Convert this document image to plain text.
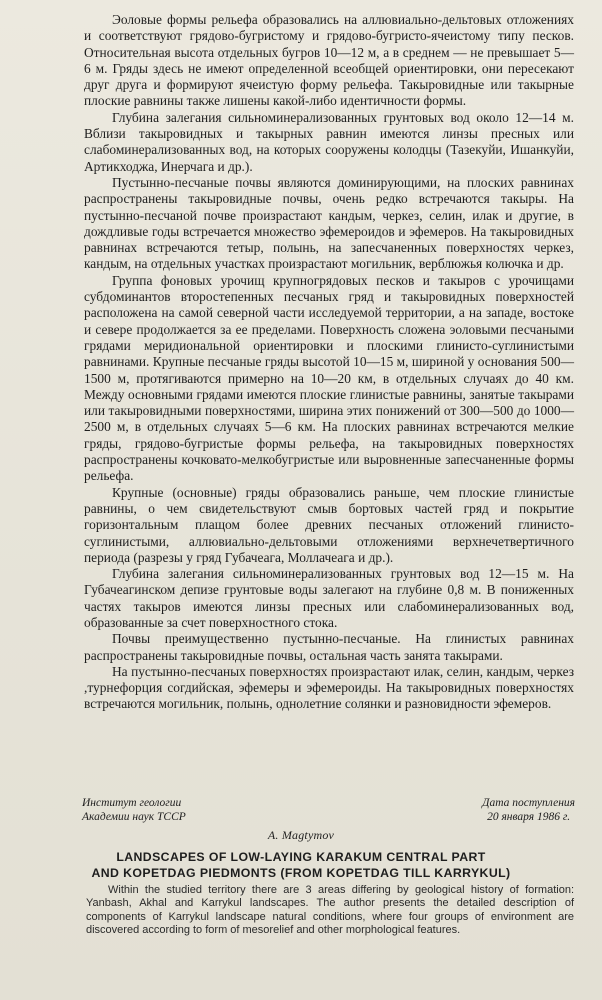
Эоловые формы рельефа образовались на аллювиально-дельтовых отложениях и соответствуют грядово-бугристому и грядово-бугристо-ячеистому типу песков. Относительная высота отдельных бугров 10—12 м, а в среднем — не превышает 5—6 м. Гряды здесь не имеют определенной всеобщей ориентировки, они пересекают друг друга и формируют ячеистую форму рельефа. Такыровидные или такырные плоские равнины также лишены какой-либо идентичности формы.

Глубина залегания сильноминерализованных грунтовых вод около 12—14 м. Вблизи такыровидных и такырных равнин имеются линзы пресных или слабоминерализованных вод, на которых сооружены колодцы (Тазекуйи, Ишанкуйи, Артикходжа, Инерчага и др.).

Пустынно-песчаные почвы являются доминирующими, на плоских равнинах распространены такыровидные почвы, очень редко встречаются такыры. На пустынно-песчаной почве произрастают кандым, черкез, селин, илак и другие, в дождливые годы встречается множество эфемероидов и эфемеров. На такыровидных равнинах встречаются тетыр, полынь, на запесчаненных поверхностях черкез, кандым, на отдельных участках произрастают могильник, верблюжья колючка и др.

Группа фоновых урочищ крупногрядовых песков и такыров с урочищами субдоминантов второстепенных песчаных гряд и такыровидных поверхностей расположена на самой северной части исследуемой территории, а на западе, востоке и севере продолжается за ее пределами. Поверхность сложена эоловыми песчаными грядами меридиональной ориентировки и плоскими глинисто-суглинистыми равнинами. Крупные песчаные гряды высотой 10—15 м, шириной у основания 500—1500 м, протягиваются примерно на 10—20 км, в отдельных случаях до 40 км. Между основными грядами имеются плоские глинистые равнины, занятые такырами или такыровидными поверхностями, ширина этих понижений от 300—500 до 1000—2500 м, в отдельных случаях 5—6 км. На плоских равнинах встречаются мелкие гряды, грядово-бугристые формы рельефа, на такыровидных поверхностях распространены кочковато-мелкобугристые или выровненные запесчаненные формы рельефа.

Крупные (основные) гряды образовались раньше, чем плоские глинистые равнины, о чем свидетельствуют смыв бортовых частей гряд и покрытие горизонтальным плащом более древних песчаных отложений глинисто-суглинистыми, аллювиально-дельтовыми отложениями верхнечетвертичного периода (разрезы у гряд Губачеага, Моллачеага и др.).

Глубина залегания сильноминерализованных грунтовых вод 12—15 м. На Губачеагинском депизе грунтовые воды залегают на глубине 0,8 м. В пониженных частях такыров имеются линзы пресных или слабоминерализованных вод, образованные за счет поверхностного стока.

Почвы преимущественно пустынно-песчаные. На глинистых равнинах распространены такыровидные почвы, остальная часть занята такырами.

На пустынно-песчаных поверхностях произрастают илак, селин, кандым, черкез ,турнефорция согдийская, эфемеры и эфемероиды. На такыровидных поверхностях встречаются могильник, полынь, однолетние солянки и разновидности эфемеров.

Институт геологии
Академии наук ТССР
Дата поступления
20 января 1986 г.
A. Magtymov
LANDSCAPES OF LOW-LAYING KARAKUM CENTRAL PART
AND KOPETDAG PIEDMONTS (FROM KOPETDAG TILL KARRYKUL)

Within the studied territory there are 3 areas differing by geological history of formation: Yanbash, Akhal and Karrykul landscapes. The author presents the detailed description of components of Karrykul landscape natural conditions, where four groups of environment are discovered according to form of mesorelief and other morphological features.
